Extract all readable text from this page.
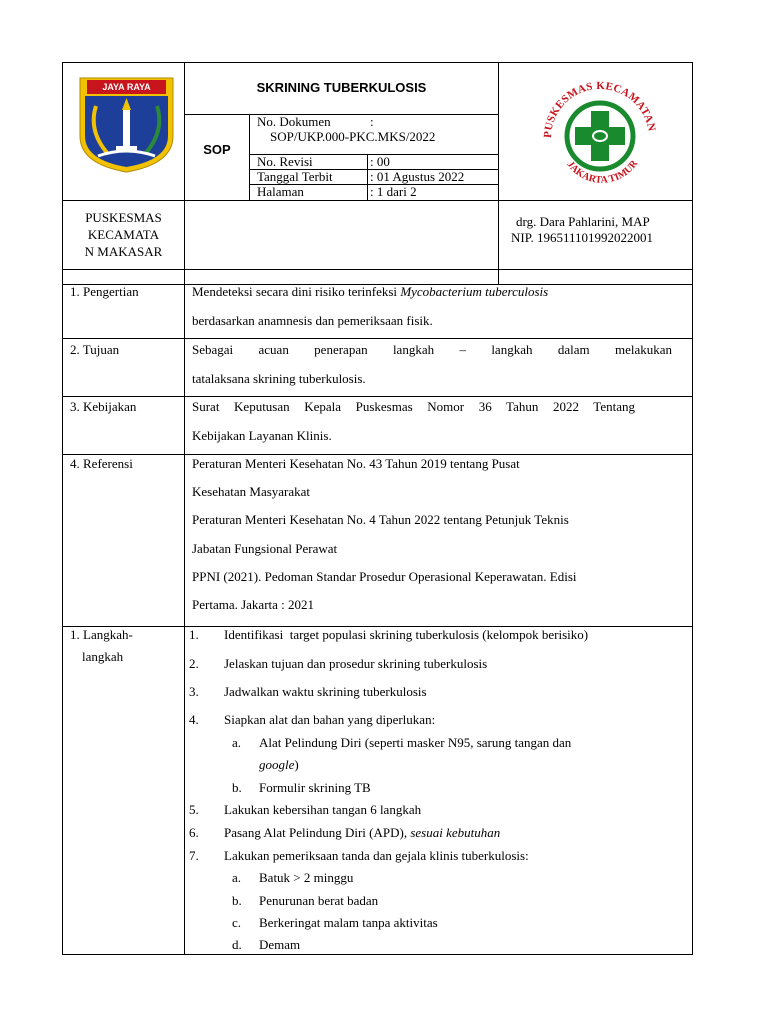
JAYA RAYA
PUSKESMAS KECAMATAN
JAKARTA TIMUR
SKRINING TUBERKULOSIS
SOP
No. Dokumen	:
SOP/UKP.000-PKC.MKS/2022
No. Revisi	: 00
Tanggal Terbit	: 01 Agustus 2022
Halaman	: 1 dari 2
PUSKESMAS
KECAMATA
N MAKASAR
drg. Dara Pahlarini, MAP
NIP. 196511101992022001
1. Pengertian	Mendeteksi secara dini risiko terinfeksi Mycobacterium tuberculosis
berdasarkan anamnesis dan pemeriksaan fisik.
2. Tujuan	Sebagai acuan penerapan langkah – langkah dalam melakukan
tatalaksana skrining tuberkulosis.
3. Kebijakan	Surat Keputusan Kepala Puskesmas Nomor 36 Tahun 2022 Tentang
Kebijakan Layanan Klinis.
4. Referensi	Peraturan Menteri Kesehatan No. 43 Tahun 2019 tentang Pusat
Kesehatan Masyarakat
Peraturan Menteri Kesehatan No. 4 Tahun 2022 tentang Petunjuk Teknis
Jabatan Fungsional Perawat
PPNI (2021). Pedoman Standar Prosedur Operasional Keperawatan. Edisi
Pertama. Jakarta : 2021
1. Langkah-
langkah
1.	Identifikasi  target populasi skrining tuberkulosis (kelompok berisiko)
2.	Jelaskan tujuan dan prosedur skrining tuberkulosis
3.	Jadwalkan waktu skrining tuberkulosis
4.	Siapkan alat dan bahan yang diperlukan:
a. Alat Pelindung Diri (seperti masker N95, sarung tangan dan
google)
b. Formulir skrining TB
5.	Lakukan kebersihan tangan 6 langkah
6.	Pasang Alat Pelindung Diri (APD), sesuai kebutuhan
7.	Lakukan pemeriksaan tanda dan gejala klinis tuberkulosis:
a. Batuk > 2 minggu
b. Penurunan berat badan
c. Berkeringat malam tanpa aktivitas
d. Demam
